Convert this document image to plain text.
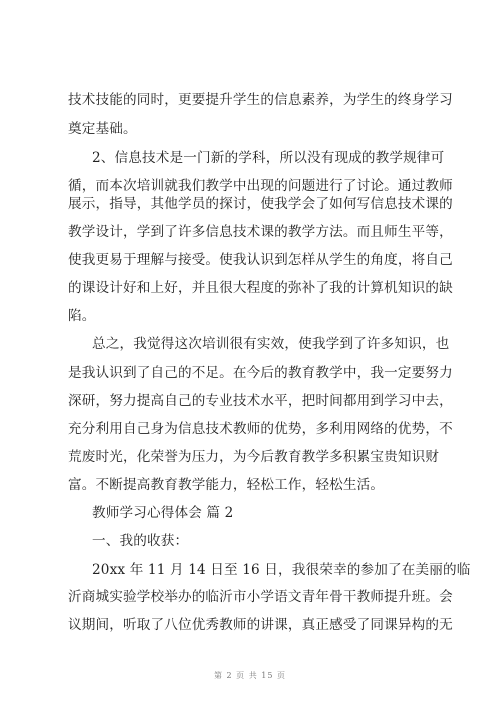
技术技能的同时，更要提升学生的信息素养，为学生的终身学习
奠定基础。
2、信息技术是一门新的学科，所以没有现成的教学规律可
循，而本次培训就我们教学中出现的问题进行了讨论。通过教师
展示，指导，其他学员的探讨，使我学会了如何写信息技术课的
教学设计，学到了许多信息技术课的教学方法。而且师生平等，
使我更易于理解与接受。使我认识到怎样从学生的角度，将自己
的课设计好和上好，并且很大程度的弥补了我的计算机知识的缺
陷。
总之，我觉得这次培训很有实效，使我学到了许多知识，也
是我认识到了自己的不足。在今后的教育教学中，我一定要努力
深研，努力提高自己的专业技术水平，把时间都用到学习中去，
充分利用自己身为信息技术教师的优势，多利用网络的优势，不
荒废时光，化荣誉为压力，为今后教育教学多积累宝贵知识财
富。不断提高教育教学能力，轻松工作，轻松生活。
教师学习心得体会 篇 2
一、我的收获：
20xx 年 11 月 14 日至 16 日，我很荣幸的参加了在美丽的临
沂商城实验学校举办的临沂市小学语文青年骨干教师提升班。会
议期间，听取了八位优秀教师的讲课，真正感受了同课异构的无
第 2 页 共 15 页
